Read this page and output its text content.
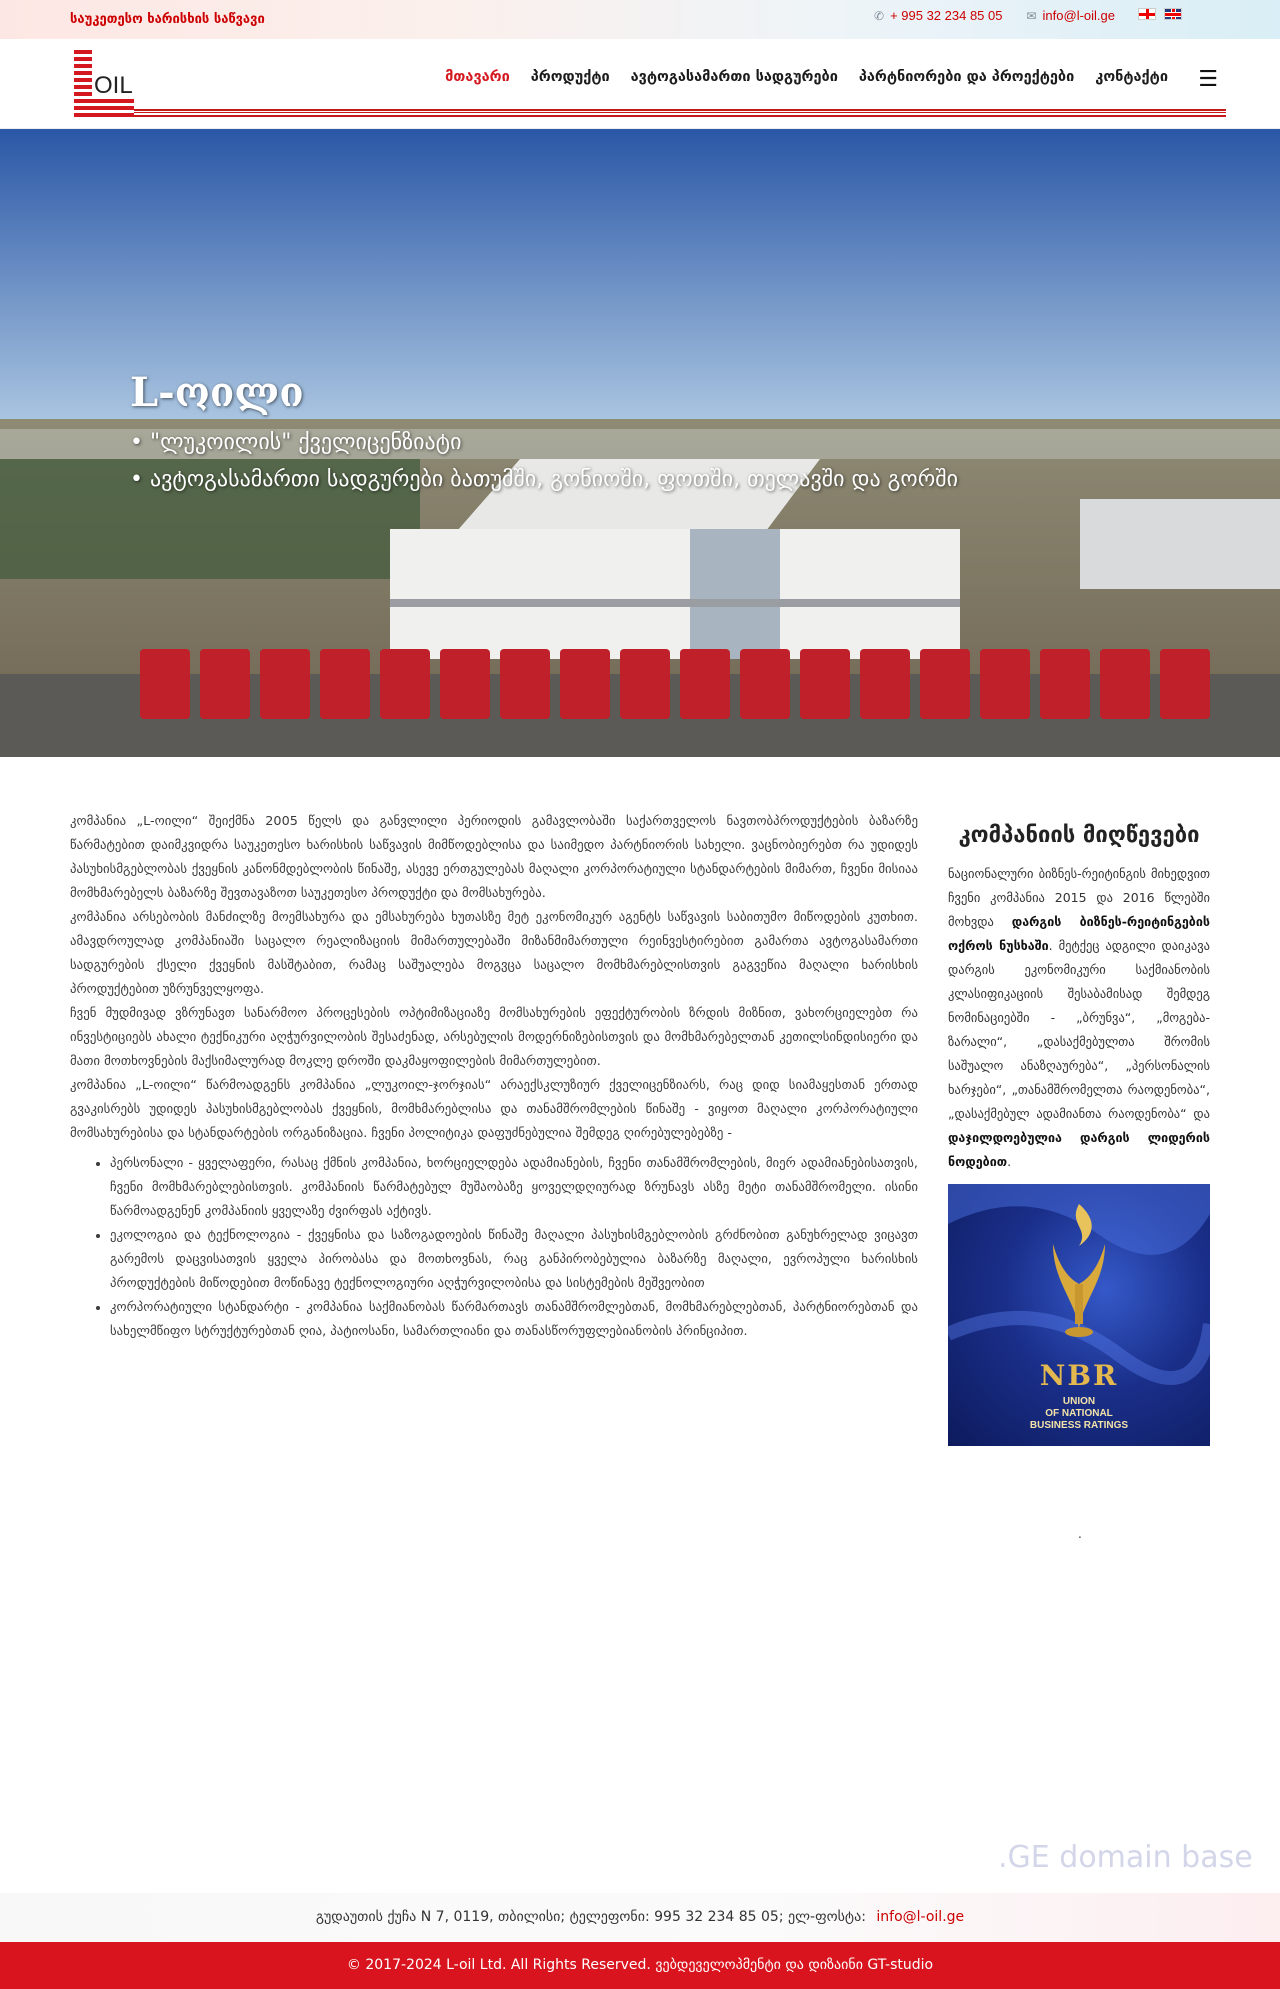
საუკეთესო ხარისხის საწვავი	✆ + 995 32 234 85 05 ✉ info@l-oil.ge
OIL	მთავარი პროდუქტი ავტოგასამართი სადგურები პარტნიორები და პროექტები კონტაქტი ☰
L-ოილი
• "ლუკოილის" ქველიცენზიატი
• ავტოგასამართი სადგურები ბათუმში, გონიოში, ფოთში, თელავში და გორში

კომპანია „L-ოილი“ შეიქმნა 2005 წელს და განვლილი პერიოდის გამავლობაში საქართველოს ნავთობპროდუქტების ბაზარზე წარმატებით დაიმკვიდრა საუკეთესო ხარისხის საწვავის მიმწოდებლისა და საიმედო პარტნიორის სახელი. ვაცნობიერებთ რა უდიდეს პასუხისმგებლობას ქვეყნის კანონმდებლობის წინაშე, ასევე ერთგულებას მაღალი კორპორატიული სტანდარტების მიმართ, ჩვენი მისიაა მომხმარებელს ბაზარზე შევთავაზოთ საუკეთესო პროდუქტი და მომსახურება.

კომპანია არსებობის მანძილზე მოემსახურა და ემსახურება ხუთასზე მეტ ეკონომიკურ აგენტს საწვავის საბითუმო მიწოდების კუთხით. ამავდროულად კომპანიაში საცალო რეალიზაციის მიმართულებაში მიზანმიმართული რეინვესტირებით გამართა ავტოგასამართი სადგურების ქსელი ქვეყნის მასშტაბით, რამაც საშუალება მოგვცა საცალო მომხმარებლისთვის გაგვეწია მაღალი ხარისხის პროდუქტებით უზრუნველყოფა.

ჩვენ მუდმივად ვზრუნავთ სანარმოო პროცესების ოპტიმიზაციაზე მომსახურების ეფექტურობის ზრდის მიზნით, ვახორციელებთ რა ინვესტიციებს ახალი ტექნიკური აღჭურვილობის შესაძენად, არსებულის მოდერნიზებისთვის და მომხმარებელთან კეთილსინდისიერი და მათი მოთხოვნების მაქსიმალურად მოკლე დროში დაკმაყოფილების მიმართულებით.

კომპანია „L-ოილი“ წარმოადგენს კომპანია „ლუკოილ-ჯორჯიას“ არაექსკლუზიურ ქველიცენზიარს, რაც დიდ სიამაყესთან ერთად გვაკისრებს უდიდეს პასუხისმგებლობას ქვეყნის, მომხმარებლისა და თანამშრომლების წინაშე - ვიყოთ მაღალი კორპორატიული მომსახურებისა და სტანდარტების ორგანიზაცია. ჩვენი პოლიტიკა დაფუძნებულია შემდეგ ღირებულებებზე -

• პერსონალი - ყველაფერი, რასაც ქმნის კომპანია, ხორციელდება ადამიანების, ჩვენი თანამშრომლების, მიერ ადამიანებისათვის, ჩვენი მომხმარებლებისთვის. კომპანიის წარმატებულ მუშაობაზე ყოველდღიურად ზრუნავს ასზე მეტი თანამშრომელი. ისინი წარმოადგენენ კომპანიის ყველაზე ძვირფას აქტივს.
• ეკოლოგია და ტექნოლოგია - ქვეყნისა და საზოგადოების წინაშე მაღალი პასუხისმგებლობის გრძნობით განუხრელად ვიცავთ გარემოს დაცვისათვის ყველა პირობასა და მოთხოვნას, რაც განპირობებულია ბაზარზე მაღალი, ევროპული ხარისხის პროდუქტების მიწოდებით მოწინავე ტექნოლოგიური აღჭურვილობისა და სისტემების მეშვეობით
• კორპორატიული სტანდარტი - კომპანია საქმიანობას წარმართავს თანამშრომლებთან, მომხმარებლებთან, პარტნიორებთან და სახელმწიფო სტრუქტურებთან ღია, პატიოსანი, სამართლიანი და თანასწორუფლებიანობის პრინციპით.
კომპანიის მიღწევები

ნაციონალური ბიზნეს-რეიტინგის მიხედვით ჩვენი კომპანია 2015 და 2016 წლებში მოხვდა დარგის ბიზნეს-რეიტინგების ოქროს ნუსხაში. მეტქეც ადგილი დაიკავა დარგის ეკონომიკური საქმიანობის კლასიფიკაციის შესაბამისად შემდეგ ნომინაციებში - „ბრუნვა“, „მოგება-ზარალი“, „დასაქმებულთა შრომის საშუალო ანაზღაურება“, „პერსონალის ხარჯები“, „თანამშრომელთა რაოდენობა“, „დასაქმებულ ადამიანთა რაოდენობა“ და დაჯილდოებულია დარგის ლიდერის ნოდებით.

NBR
UNION
OF NATIONAL
BUSINESS RATINGS
.
.GE domain base
გუდაუთის ქუჩა N 7, 0119, თბილისი; ტელეფონი: 995 32 234 85 05; ელ-ფოსტა: info@l-oil.ge
© 2017-2024 L-oil Ltd. All Rights Reserved. ვებდეველოპმენტი და დიზაინი GT-studio
